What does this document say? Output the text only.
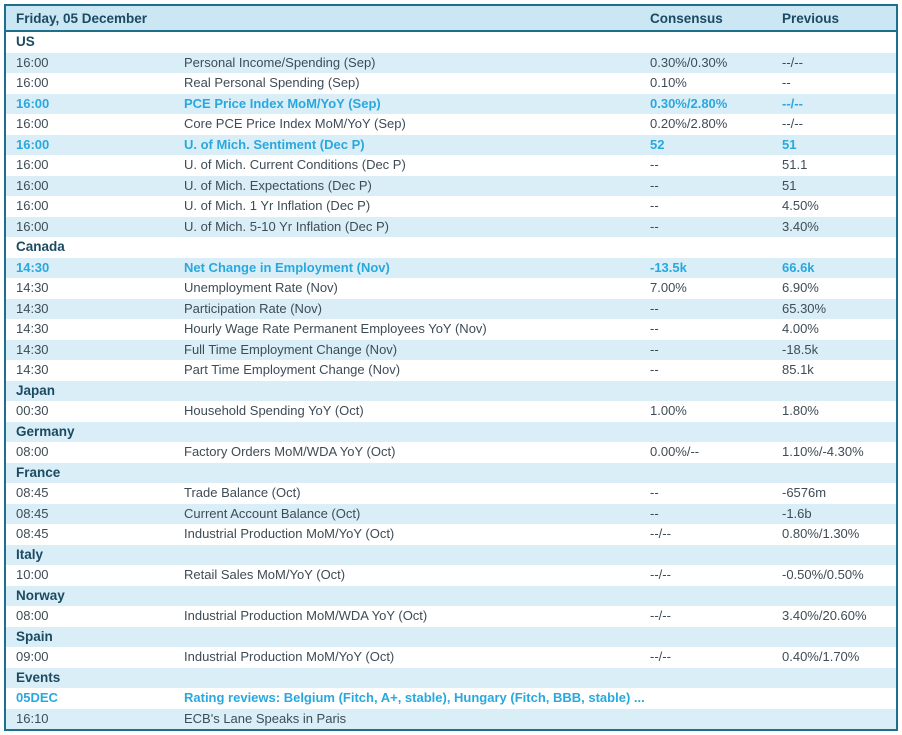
Friday, 05 December	Consensus	Previous
US
16:00	Personal Income/Spending (Sep)	0.30%/0.30%	--/--
16:00	Real Personal Spending (Sep)	0.10%	--
16:00	PCE Price Index MoM/YoY (Sep)	0.30%/2.80%	--/--
16:00	Core PCE Price Index MoM/YoY (Sep)	0.20%/2.80%	--/--
16:00	U. of Mich. Sentiment (Dec P)	52	51
16:00	U. of Mich. Current Conditions (Dec P)	--	51.1
16:00	U. of Mich. Expectations (Dec P)	--	51
16:00	U. of Mich. 1 Yr Inflation (Dec P)	--	4.50%
16:00	U. of Mich. 5-10 Yr Inflation (Dec P)	--	3.40%
Canada
14:30	Net Change in Employment (Nov)	-13.5k	66.6k
14:30	Unemployment Rate (Nov)	7.00%	6.90%
14:30	Participation Rate (Nov)	--	65.30%
14:30	Hourly Wage Rate Permanent Employees YoY (Nov)	--	4.00%
14:30	Full Time Employment Change (Nov)	--	-18.5k
14:30	Part Time Employment Change (Nov)	--	85.1k
Japan
00:30	Household Spending YoY (Oct)	1.00%	1.80%
Germany
08:00	Factory Orders MoM/WDA YoY (Oct)	0.00%/--	1.10%/-4.30%
France
08:45	Trade Balance (Oct)	--	-6576m
08:45	Current Account Balance (Oct)	--	-1.6b
08:45	Industrial Production MoM/YoY (Oct)	--/--	0.80%/1.30%
Italy
10:00	Retail Sales MoM/YoY (Oct)	--/--	-0.50%/0.50%
Norway
08:00	Industrial Production MoM/WDA YoY (Oct)	--/--	3.40%/20.60%
Spain
09:00	Industrial Production MoM/YoY (Oct)	--/--	0.40%/1.70%
Events
05DEC	Rating reviews: Belgium (Fitch, A+, stable), Hungary (Fitch, BBB, stable) ...
16:10	ECB's Lane Speaks in Paris
